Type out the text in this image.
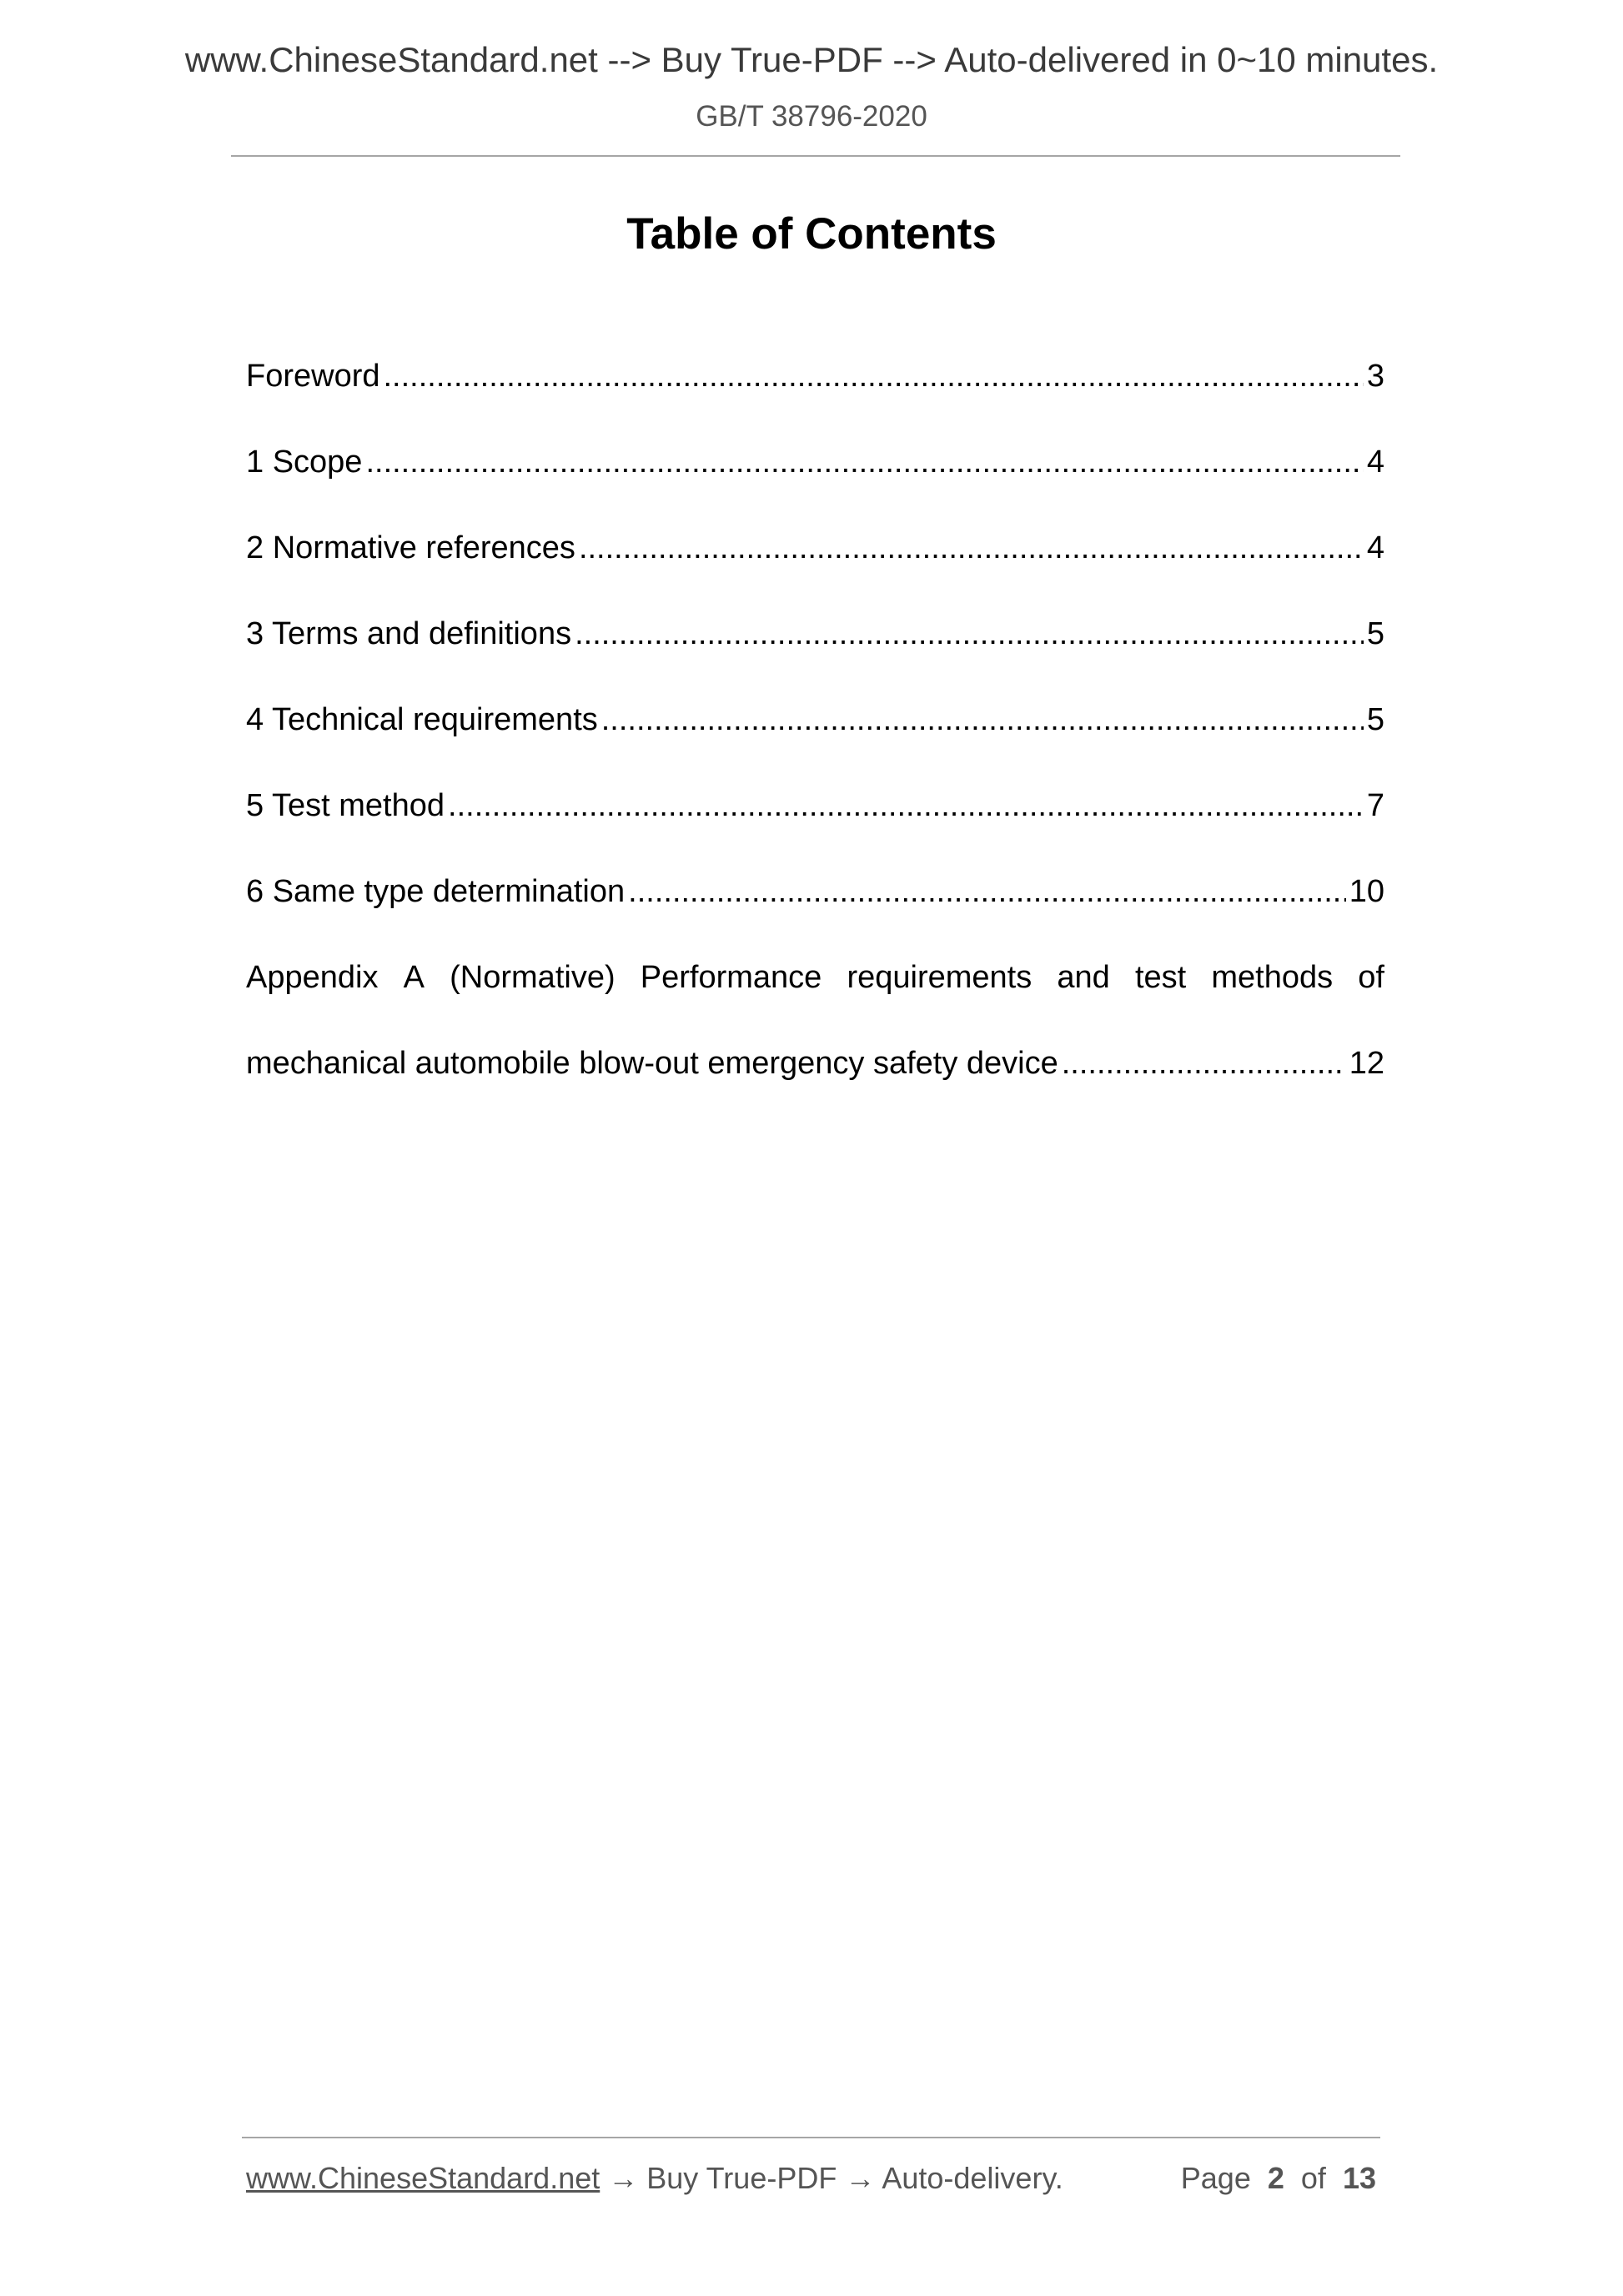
www.ChineseStandard.net --> Buy True-PDF --> Auto-delivered in 0~10 minutes.
GB/T 38796-2020
Table of Contents
Foreword .....	3
1 Scope .....	4
2 Normative references .....	4
3 Terms and definitions .....	5
4 Technical requirements .....	5
5 Test method .....	7
6 Same type determination .....	10
Appendix A (Normative) Performance requirements and test methods of
mechanical automobile blow-out emergency safety device .....	12
www.ChineseStandard.net → Buy True-PDF → Auto-delivery.	Page 2 of 13
